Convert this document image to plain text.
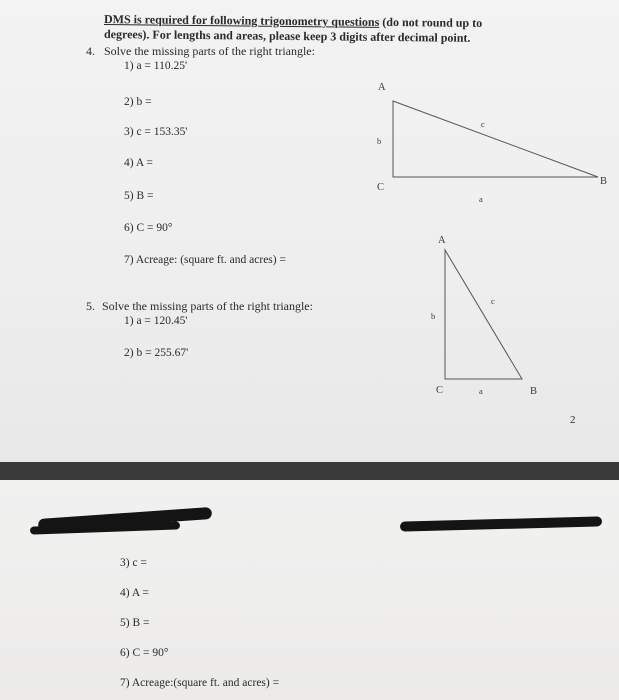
DMS is required for following trigonometry questions (do not round up to
degrees). For lengths and areas, please keep 3 digits after decimal point.
4. Solve the missing parts of the right triangle:
1) a = 110.25'
2) b =
3) c = 153.35'
4) A =
5) B =
6) C = 90°
7) Acreage: (square ft. and acres) =
A
b
C
c
a
B
5. Solve the missing parts of the right triangle:
1) a = 120.45'
2) b = 255.67'
A
b
c
C	a	B
2
3) c =
4) A =
5) B =
6) C = 90°
7) Acreage:(square ft. and acres) =
